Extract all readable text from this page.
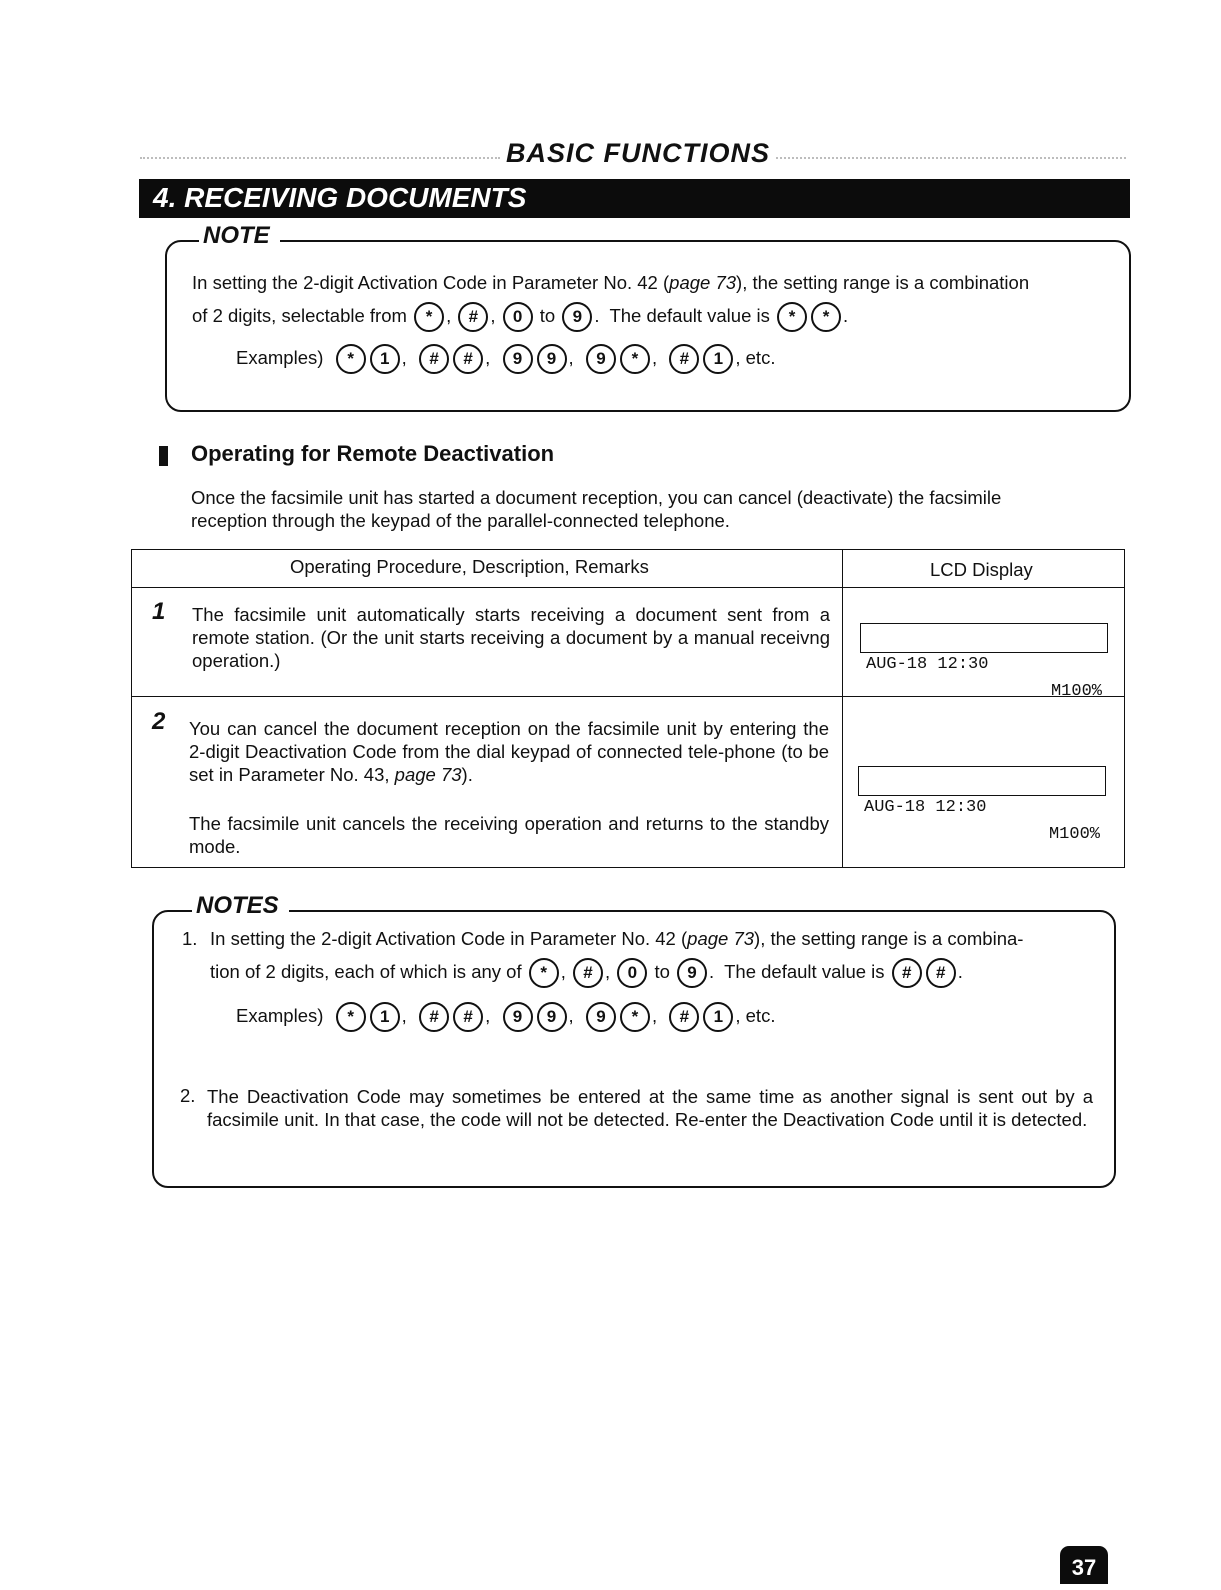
BASIC FUNCTIONS
4. RECEIVING DOCUMENTS
NOTE
In setting the 2-digit Activation Code in Parameter No. 42 (page 73), the setting range is a combination
of 2 digits, selectable from * , # , 0 to 9 .  The default value is * * .
Examples) * 1 ,  # # ,  9 9 ,  9 * ,  # 1 , etc.
Operating for Remote Deactivation
Once the facsimile unit has started a document reception, you can cancel (deactivate) the facsimile
reception through the keypad of the parallel-connected telephone.
Operating Procedure, Description, Remarks	LCD Display
1 The facsimile unit automatically starts receiving a document sent from a remote station. (Or the unit starts receiving a document by a manual receivng operation.)

	AUG-18 12:30

M100%

2 You can cancel the document reception on the facsimile unit by entering the 2-digit Deactivation Code from the dial keypad of connected tele-phone (to be set in Parameter No. 43, page 73).
The facsimile unit cancels the receiving operation and returns to the standby mode.

AUG-18 12:30

M100%

NOTES
1. In setting the 2-digit Activation Code in Parameter No. 42 (page 73), the setting range is a combina-
tion of 2 digits, each of which is any of * , # , 0 to 9 .  The default value is # # .
Examples) * 1 ,  # # ,  9 9 ,  9 * ,  # 1 , etc.
2. The Deactivation Code may sometimes be entered at the same time as another signal is sent out by a facsimile unit. In that case, the code will not be detected. Re-enter the Deactivation Code until it is detected.
37
